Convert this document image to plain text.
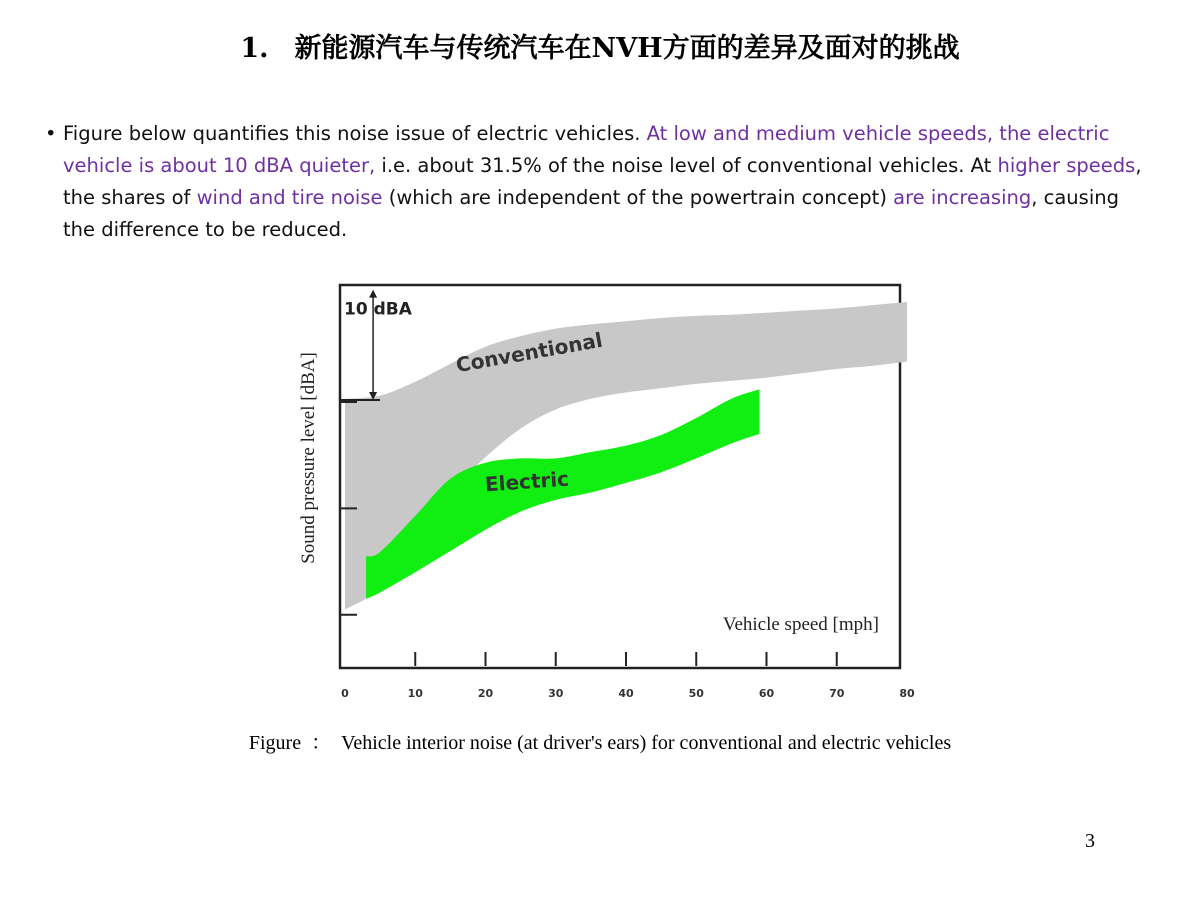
1. 新能源汽车与传统汽车在NVH方面的差异及面对的挑战
• Figure below quantifies this noise issue of electric vehicles. At low and medium vehicle speeds, the electric vehicle is about 10 dBA quieter, i.e. about 31.5% of the noise level of conventional vehicles. At higher speeds, the shares of wind and tire noise (which are independent of the powertrain concept) are increasing, causing the difference to be reduced.
Conventional
Electric
0	10	20	30	40	50	60	70	80
Sound pressure level [dBA]
Vehicle speed [mph]
10 dBA
Figure ： Vehicle interior noise (at driver's ears) for conventional and electric vehicles
3
